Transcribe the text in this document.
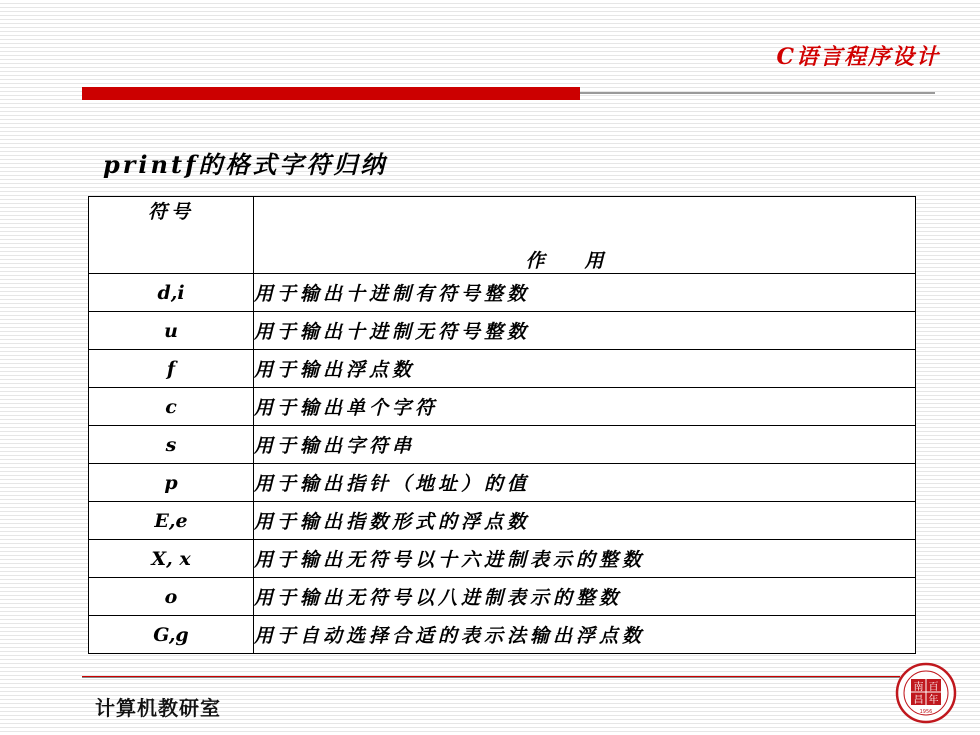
C语言程序设计
printf的格式字符归纳
符号	作用
d,i	用于输出十进制有符号整数
u	用于输出十进制无符号整数
f	用于输出浮点数
c	用于输出单个字符
s	用于输出字符串
p	用于输出指针（地址）的值
E,e	用于输出指数形式的浮点数
X, x	用于输出无符号以十六进制表示的整数
o	用于输出无符号以八进制表示的整数
G,g	用于自动选择合适的表示法输出浮点数
计算机教研室
南 百
昌 年
1956
